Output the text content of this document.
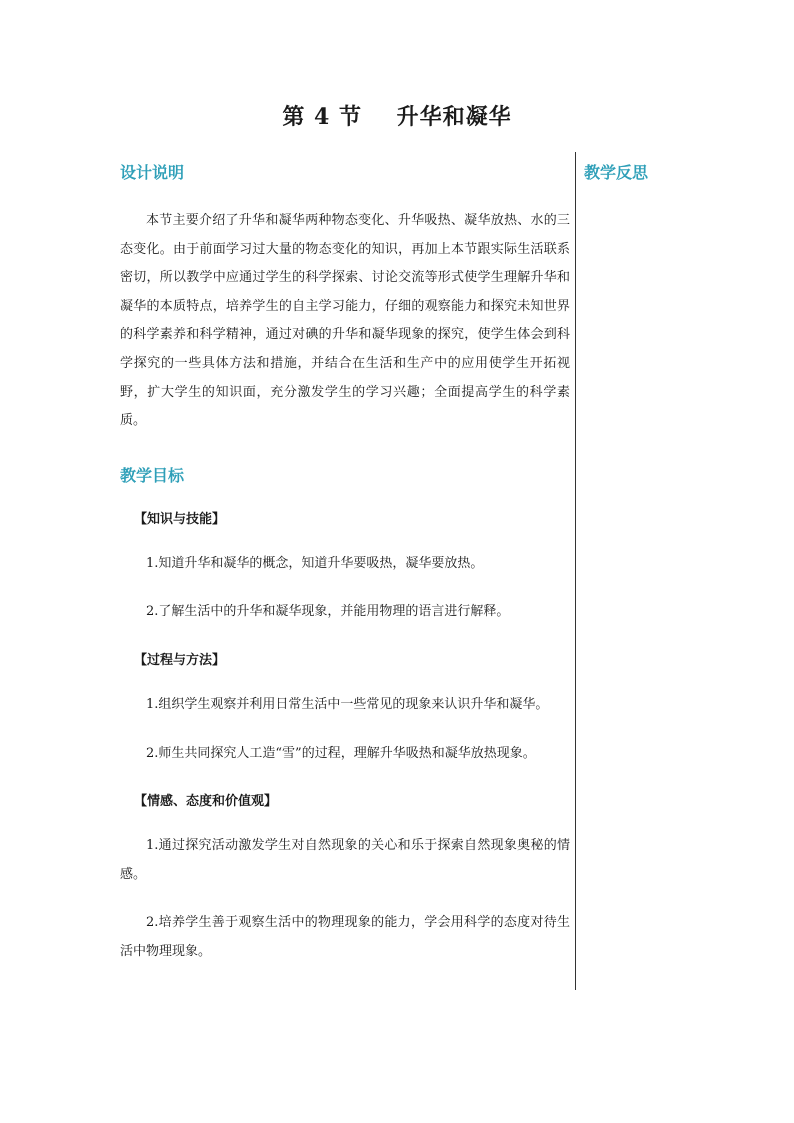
第 4 节    升华和凝华
设计说明

本节主要介绍了升华和凝华两种物态变化、升华吸热、凝华放热、水的三态变化。由于前面学习过大量的物态变化的知识，再加上本节跟实际生活联系密切，所以教学中应通过学生的科学探索、讨论交流等形式使学生理解升华和凝华的本质特点，培养学生的自主学习能力，仔细的观察能力和探究未知世界的科学素养和科学精神，通过对碘的升华和凝华现象的探究，使学生体会到科学探究的一些具体方法和措施，并结合在生活和生产中的应用使学生开拓视野，扩大学生的知识面，充分激发学生的学习兴趣；全面提高学生的科学素质。

教学目标
【知识与技能】

1.知道升华和凝华的概念，知道升华要吸热，凝华要放热。

2.了解生活中的升华和凝华现象，并能用物理的语言进行解释。

【过程与方法】

1.组织学生观察并利用日常生活中一些常见的现象来认识升华和凝华。

2.师生共同探究人工造“雪”的过程，理解升华吸热和凝华放热现象。

【情感、态度和价值观】

1.通过探究活动激发学生对自然现象的关心和乐于探索自然现象奥秘的情感。

2.培养学生善于观察生活中的物理现象的能力，学会用科学的态度对待生活中物理现象。

教学反思
